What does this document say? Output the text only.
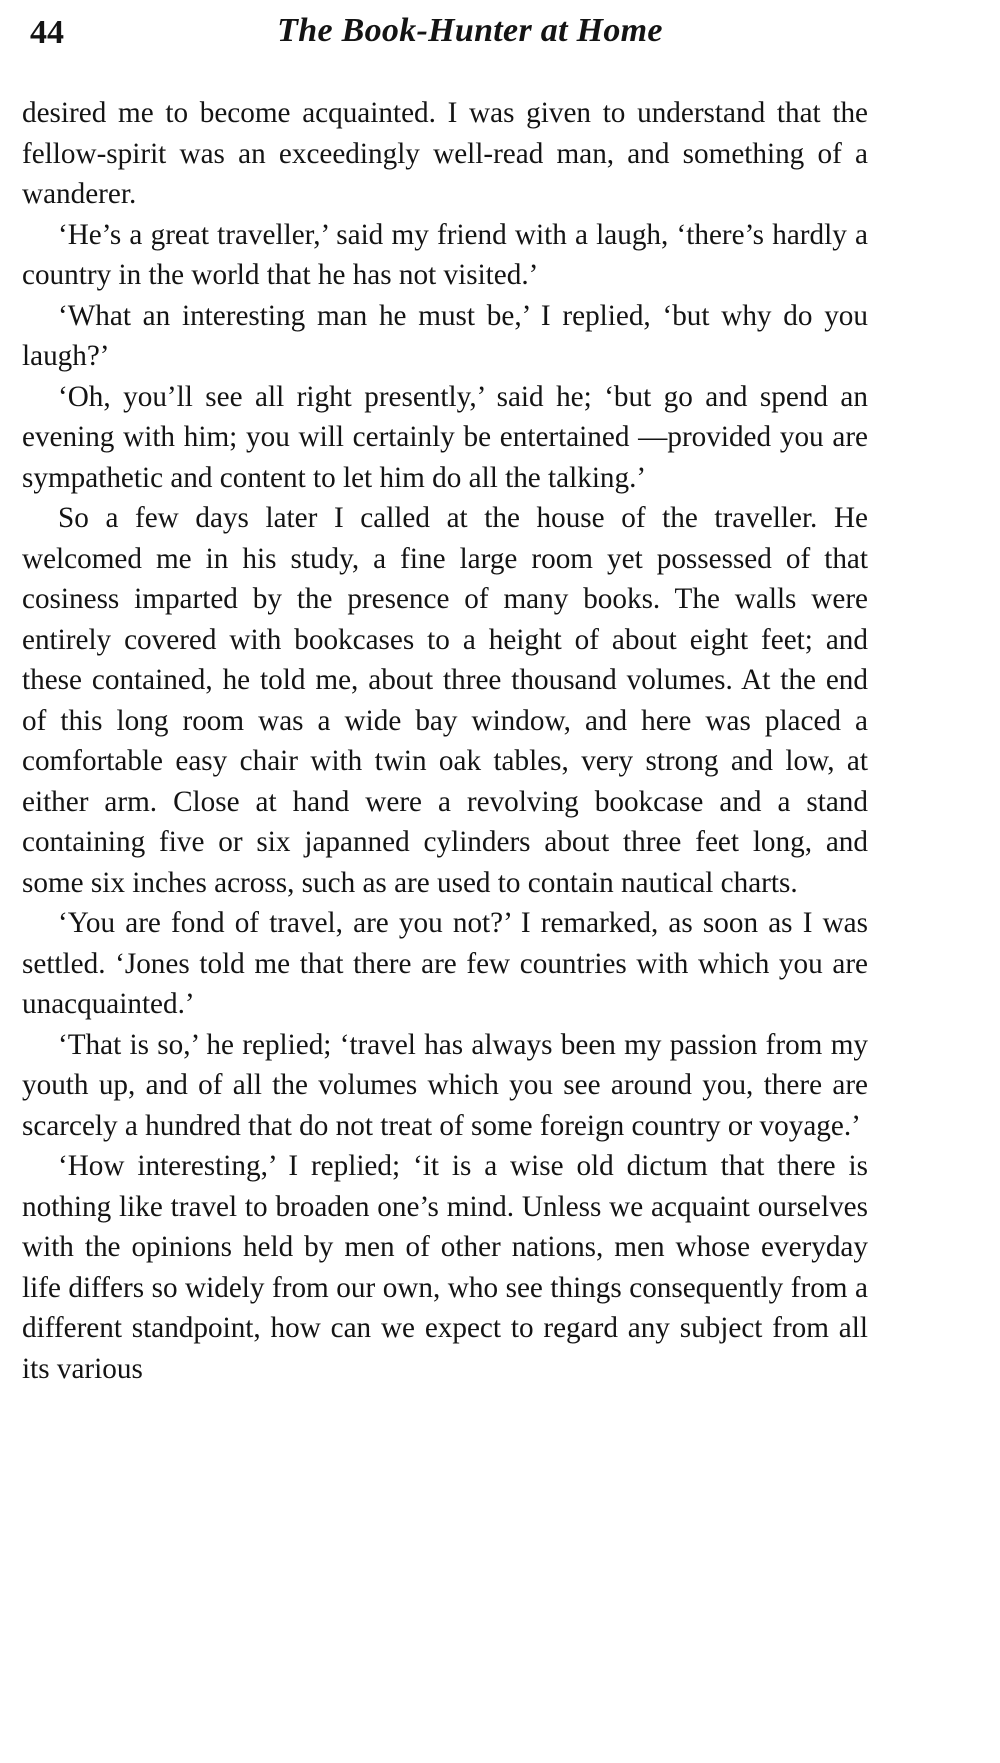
44	The Book-Hunter at Home

desired me to become acquainted. I was given to understand that the fellow-spirit was an exceedingly well-read man, and something of a wanderer.

‘He’s a great traveller,’ said my friend with a laugh, ‘there’s hardly a country in the world that he has not visited.’

‘What an interesting man he must be,’ I replied, ‘but why do you laugh?’

‘Oh, you’ll see all right presently,’ said he; ‘but go and spend an evening with him; you will certainly be entertained —provided you are sympathetic and content to let him do all the talking.’

So a few days later I called at the house of the traveller. He welcomed me in his study, a fine large room yet possessed of that cosiness imparted by the presence of many books. The walls were entirely covered with bookcases to a height of about eight feet; and these contained, he told me, about three thousand volumes. At the end of this long room was a wide bay window, and here was placed a comfortable easy chair with twin oak tables, very strong and low, at either arm. Close at hand were a revolving bookcase and a stand containing five or six japanned cylinders about three feet long, and some six inches across, such as are used to contain nautical charts.

‘You are fond of travel, are you not?’ I remarked, as soon as I was settled. ‘Jones told me that there are few countries with which you are unacquainted.’

‘That is so,’ he replied; ‘travel has always been my passion from my youth up, and of all the volumes which you see around you, there are scarcely a hundred that do not treat of some foreign country or voyage.’

‘How interesting,’ I replied; ‘it is a wise old dictum that there is nothing like travel to broaden one’s mind. Unless we acquaint ourselves with the opinions held by men of other nations, men whose everyday life differs so widely from our own, who see things consequently from a different standpoint, how can we expect to regard any subject from all its various
